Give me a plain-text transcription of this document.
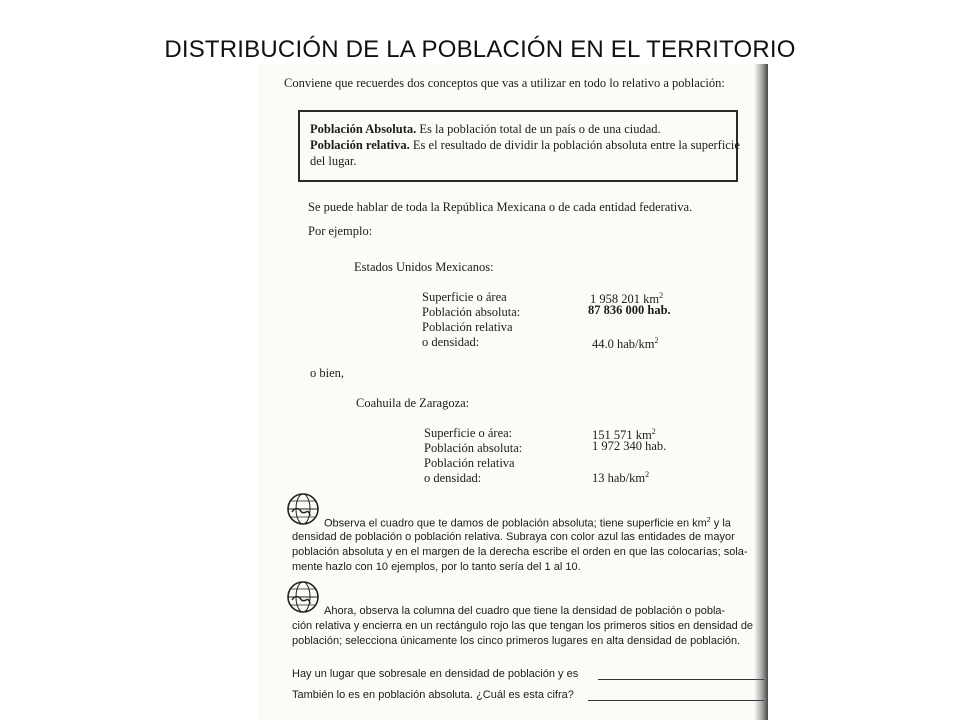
DISTRIBUCIÓN DE LA POBLACIÓN EN EL TERRITORIO
Conviene que recuerdes dos conceptos que vas a utilizar en todo lo relativo a población:
Población Absoluta. Es la población total de un país o de una ciudad.
Población relativa. Es el resultado de dividir la población absoluta entre la superficie
del lugar.
Se puede hablar de toda la República Mexicana o de cada entidad federativa.
Por ejemplo:
Estados Unidos Mexicanos:
Superficie o área	1 958 201 $km^2$
Población absoluta:	87 836 000 hab.
Población relativa
o densidad:	44.0 hab/$km^2$
o bien,
Coahuila de Zaragoza:
Superficie o área:	151 571 $km^2$
Población absoluta:	1 972 340 hab.
Población relativa
o densidad:	13 hab/$km^2$
Observa el cuadro que te damos de población absoluta; tiene superficie en $km^2$ y la
densidad de población o población relativa. Subraya con color azul las entidades de mayor
población absoluta y en el margen de la derecha escribe el orden en que las colocarías; sola-
mente hazlo con 10 ejemplos, por lo tanto sería del 1 al 10.
Ahora, observa la columna del cuadro que tiene la densidad de población o pobla-
ción relativa y encierra en un rectángulo rojo las que tengan los primeros sitios en densidad de
población; selecciona únicamente los cinco primeros lugares en alta densidad de población.
Hay un lugar que sobresale en densidad de población y es
También lo es en población absoluta. ¿Cuál es esta cifra?
